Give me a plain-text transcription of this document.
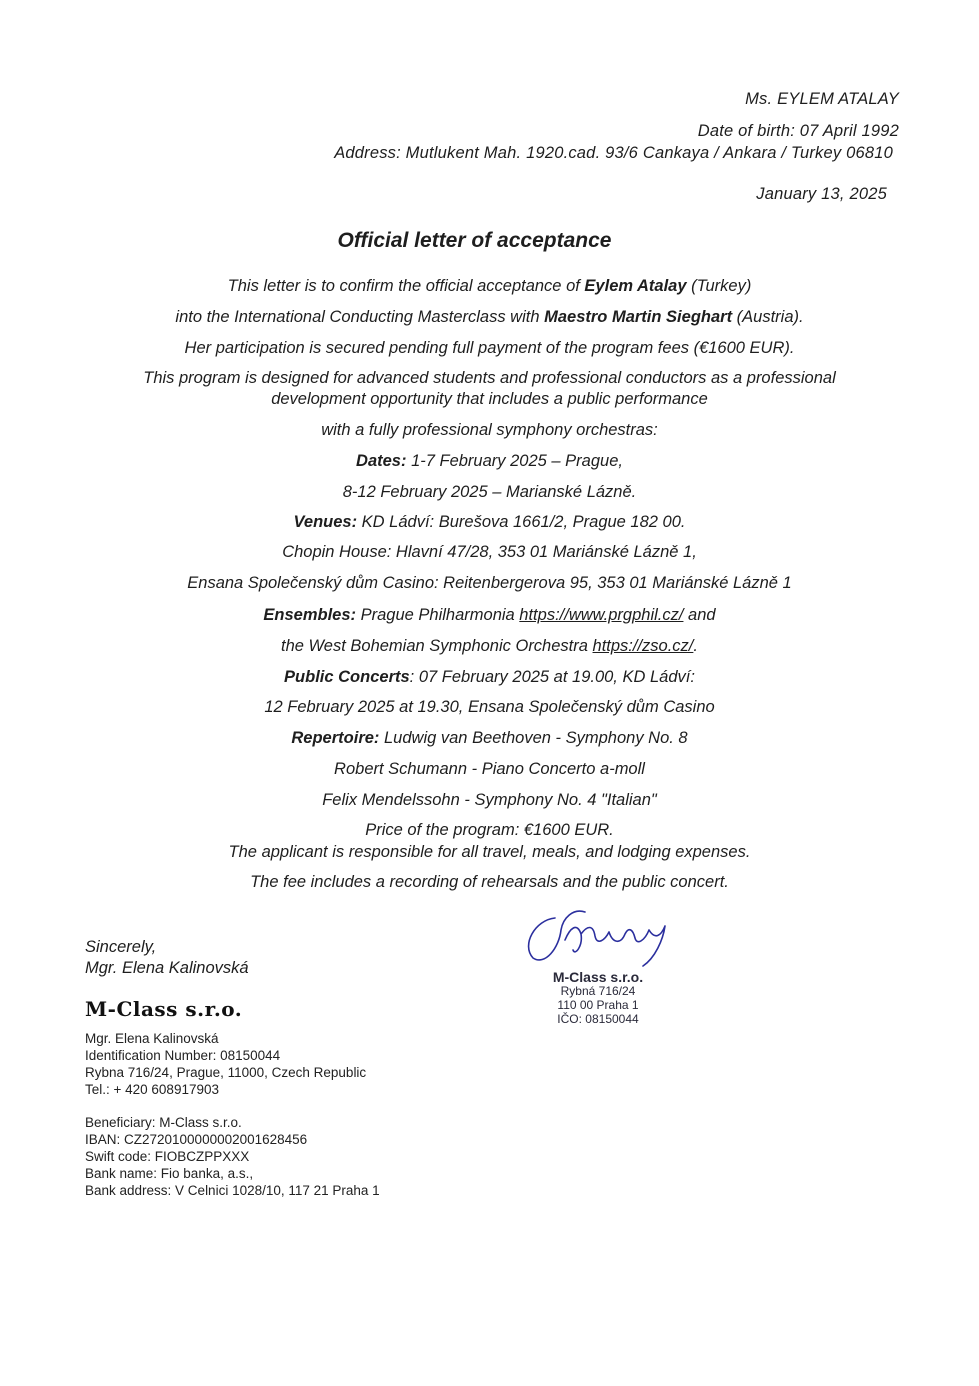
Ms. EYLEM ATALAY
Date of birth: 07 April 1992
Address: Mutlukent Mah. 1920.cad. 93/6 Cankaya / Ankara / Turkey 06810
January 13, 2025
Official letter of acceptance
This letter is to confirm the official acceptance of Eylem Atalay (Turkey)
into the International Conducting Masterclass with Maestro Martin Sieghart (Austria).
Her participation is secured pending full payment of the program fees (€1600 EUR).
This program is designed for advanced students and professional conductors as a professional
development opportunity that includes a public performance
with a fully professional symphony orchestras:
Dates: 1-7 February 2025 – Prague,
8-12 February 2025 – Marianské Lázně.
Venues: KD Ládví: Burešova 1661/2, Prague 182 00.
Chopin House: Hlavní 47/28, 353 01 Mariánské Lázně 1,
Ensana Společenský dům Casino: Reitenbergerova 95, 353 01 Mariánské Lázně 1
Ensembles: Prague Philharmonia https://www.prgphil.cz/ and
the West Bohemian Symphonic Orchestra https://zso.cz/.
Public Concerts: 07 February 2025 at 19.00, KD Ládví:
12 February 2025 at 19.30, Ensana Společenský dům Casino
Repertoire: Ludwig van Beethoven - Symphony No. 8
Robert Schumann - Piano Concerto a-moll
Felix Mendelssohn - Symphony No. 4 "Italian"
Price of the program: €1600 EUR.
The applicant is responsible for all travel, meals, and lodging expenses.
The fee includes a recording of rehearsals and the public concert.
Sincerely,
Mgr. Elena Kalinovská
M-Class s.r.o.
Mgr. Elena Kalinovská
Identification Number: 08150044
Rybna 716/24, Prague, 11000, Czech Republic
Tel.: + 420 608917903
Beneficiary: M-Class s.r.o.
IBAN: CZ2720100000002001628456
Swift code: FIOBCZPPXXX
Bank name: Fio banka, a.s.,
Bank address: V Celnici 1028/10, 117 21 Praha 1
M-Class s.r.o.
Rybná 716/24
110 00 Praha 1
IČO: 08150044
